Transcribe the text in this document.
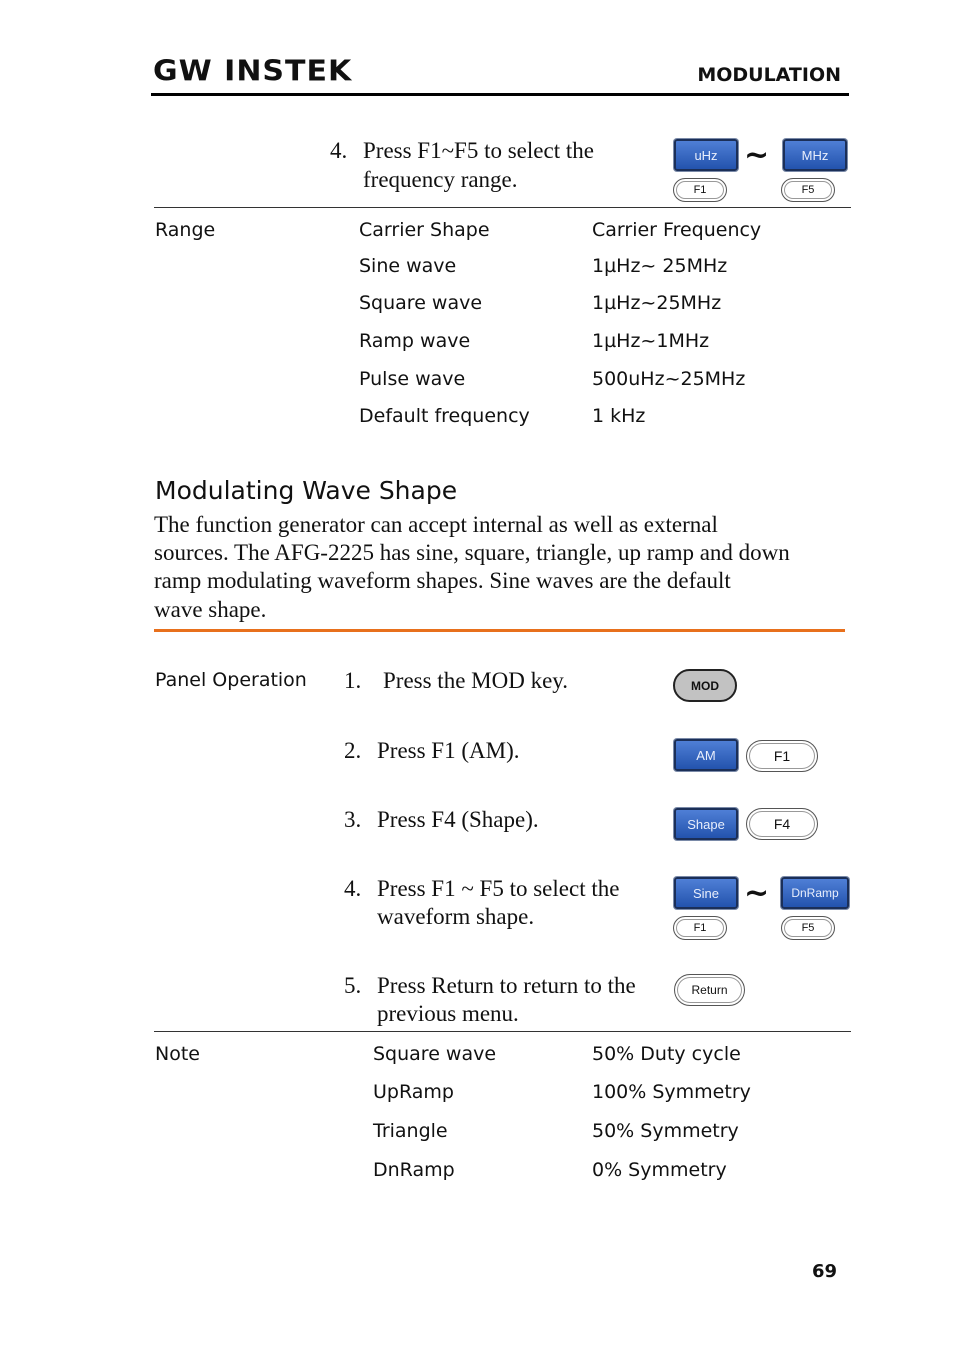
GW INSTEK	MODULATION
4. Press F1~F5 to select the
frequency range.
uHz
F1
~	MHz
F5
Range	Carrier Shape	Carrier Frequency
Sine wave	1µHz~ 25MHz
Square wave	1µHz~25MHz
Ramp wave	1µHz~1MHz
Pulse wave	500uHz~25MHz
Default frequency	1 kHz
Modulating Wave Shape
The function generator can accept internal as well as external
sources. The AFG-2225 has sine, square, triangle, up ramp and down
ramp modulating waveform shapes. Sine waves are the default
wave shape.
Panel Operation 1. Press the MOD key.	MOD
2. Press F1 (AM).	AM	F1
3. Press F4 (Shape).	Shape	F4
4. Press F1 ~ F5 to select the
waveform shape.
Sine
F1
~	DnRamp
F5
5. Press Return to return to the
previous menu.
Return
Note	Square wave	50% Duty cycle
UpRamp	100% Symmetry
Triangle	50% Symmetry
DnRamp	0% Symmetry
69
